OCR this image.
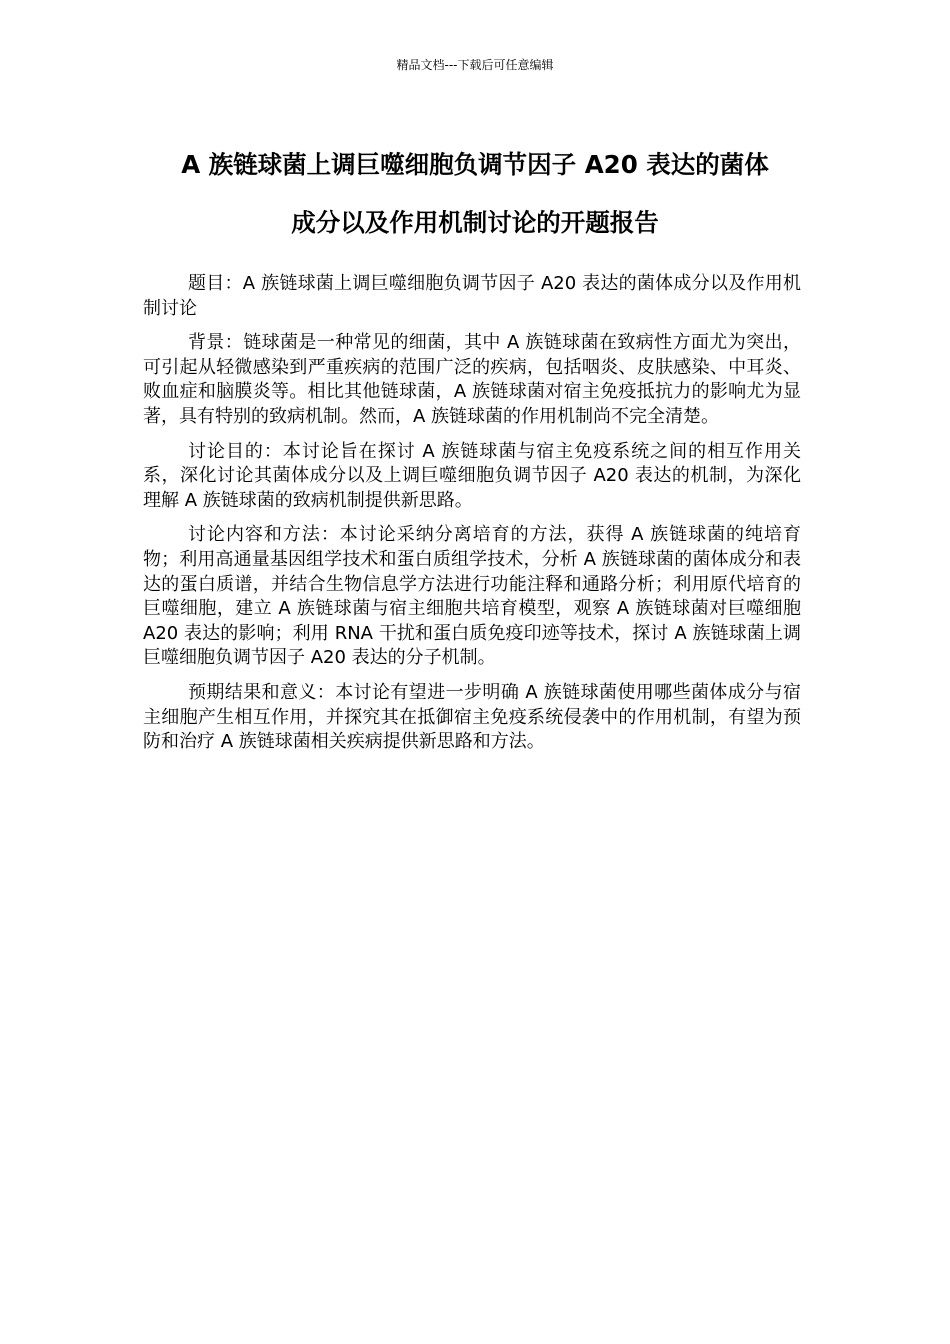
精品文档---下载后可任意编辑
A 族链球菌上调巨噬细胞负调节因子 A20 表达的菌体
成分以及作用机制讨论的开题报告

题目：A 族链球菌上调巨噬细胞负调节因子 A20 表达的菌体成分以及作用机制讨论

背景：链球菌是一种常见的细菌，其中 A 族链球菌在致病性方面尤为突出，可引起从轻微感染到严重疾病的范围广泛的疾病，包括咽炎、皮肤感染、中耳炎、败血症和脑膜炎等。相比其他链球菌，A 族链球菌对宿主免疫抵抗力的影响尤为显著，具有特别的致病机制。然而，A 族链球菌的作用机制尚不完全清楚。

讨论目的：本讨论旨在探讨 A 族链球菌与宿主免疫系统之间的相互作用关系，深化讨论其菌体成分以及上调巨噬细胞负调节因子 A20 表达的机制，为深化理解 A 族链球菌的致病机制提供新思路。

讨论内容和方法：本讨论采纳分离培育的方法，获得 A 族链球菌的纯培育物；利用高通量基因组学技术和蛋白质组学技术，分析 A 族链球菌的菌体成分和表达的蛋白质谱，并结合生物信息学方法进行功能注释和通路分析；利用原代培育的巨噬细胞，建立 A 族链球菌与宿主细胞共培育模型，观察 A 族链球菌对巨噬细胞 A20 表达的影响；利用 RNA 干扰和蛋白质免疫印迹等技术，探讨 A 族链球菌上调巨噬细胞负调节因子 A20 表达的分子机制。

预期结果和意义：本讨论有望进一步明确 A 族链球菌使用哪些菌体成分与宿主细胞产生相互作用，并探究其在抵御宿主免疫系统侵袭中的作用机制，有望为预防和治疗 A 族链球菌相关疾病提供新思路和方法。
